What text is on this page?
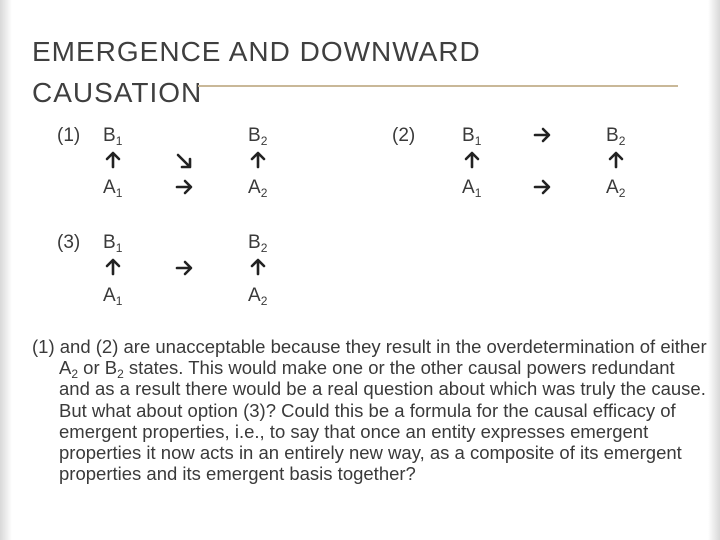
EMERGENCE AND DOWNWARD CAUSATION
(1) $B_1$
$A_1$
$B_2$
$A_2$
(2) $B_1$	$B_2$
$A_1$	$A_2$
(3) $B_1$
$A_1$
$B_2$
$A_2$

(1) and (2) are unacceptable because they result in the overdetermination of either $A_2$ or $B_2$ states. This would make one or the other causal powers redundant and as a result there would be a real question about which was truly the cause. But what about option (3)? Could this be a formula for the causal efficacy of emergent properties, i.e., to say that once an entity expresses emergent properties it now acts in an entirely new way, as a composite of its emergent properties and its emergent basis together?
